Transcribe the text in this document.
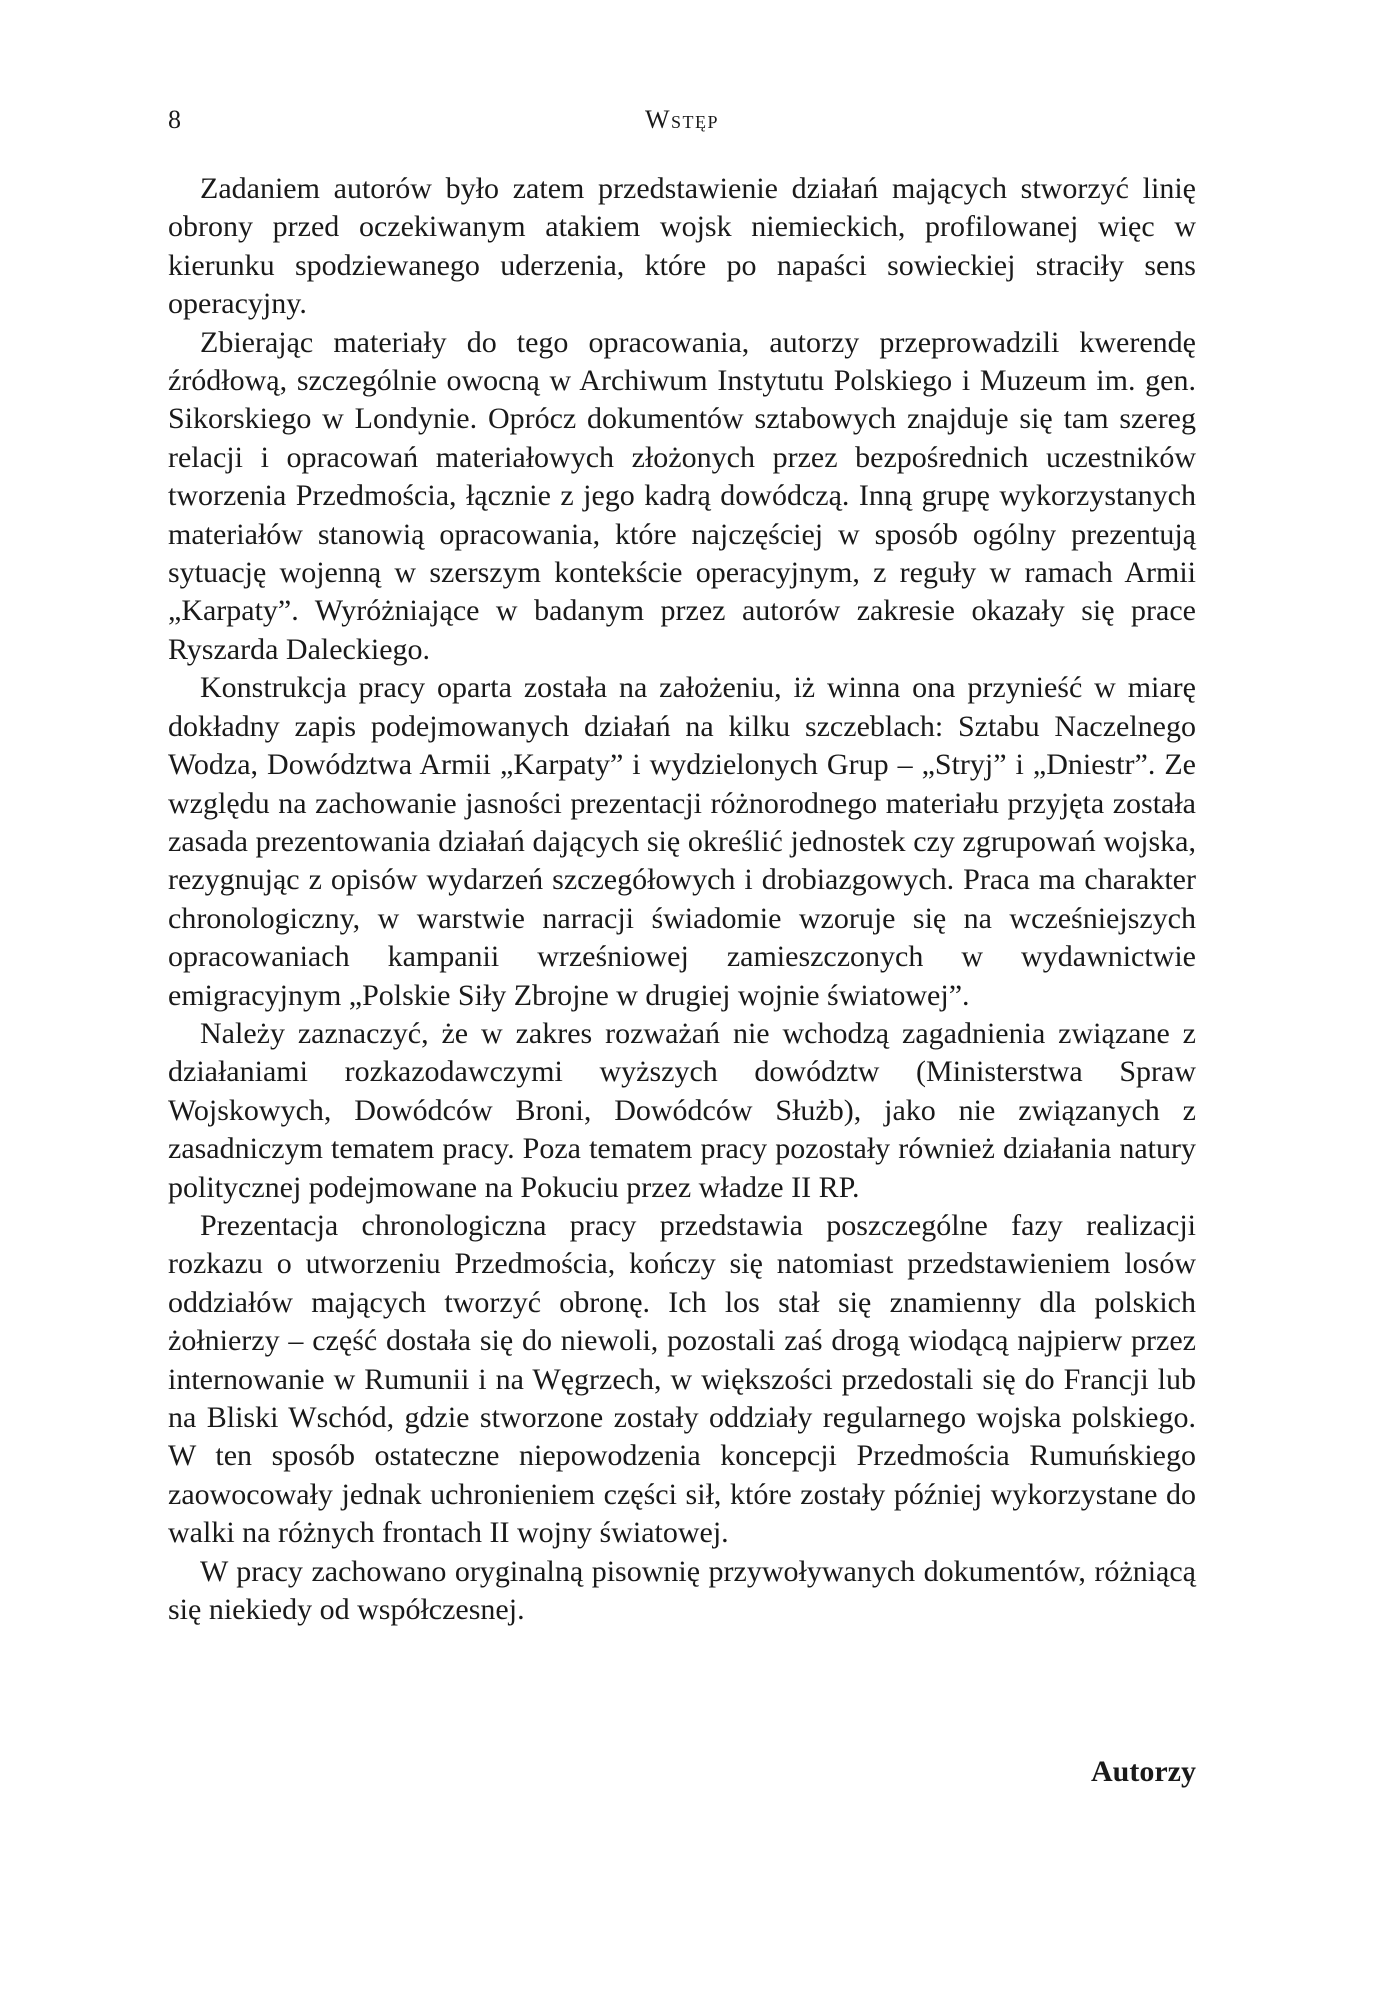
8	Wstęp

Zadaniem autorów było zatem przedstawienie działań mających stworzyć linię obrony przed oczekiwanym atakiem wojsk niemieckich, profilowanej więc w kierunku spodziewanego uderzenia, które po napaści sowieckiej straciły sens operacyjny.

Zbierając materiały do tego opracowania, autorzy przeprowadzili kwerendę źródłową, szczególnie owocną w Archiwum Instytutu Polskiego i Muzeum im. gen. Sikorskiego w Londynie. Oprócz dokumentów sztabowych znajduje się tam szereg relacji i opracowań materiałowych złożonych przez bezpośrednich uczestników tworzenia Przedmościa, łącznie z jego kadrą dowódczą. Inną grupę wykorzystanych materiałów stanowią opracowania, które najczęściej w sposób ogólny prezentują sytuację wojenną w szerszym kontekście operacyjnym, z reguły w ramach Armii „Karpaty”. Wyróżniające w badanym przez autorów zakresie okazały się prace Ryszarda Daleckiego.

Konstrukcja pracy oparta została na założeniu, iż winna ona przynieść w miarę dokładny zapis podejmowanych działań na kilku szczeblach: Sztabu Naczelnego Wodza, Dowództwa Armii „Karpaty” i wydzielonych Grup – „Stryj” i „Dniestr”. Ze względu na zachowanie jasności prezentacji różnorodnego materiału przyjęta została zasada prezentowania działań dających się określić jednostek czy zgrupowań wojska, rezygnując z opisów wydarzeń szczegółowych i drobiazgowych. Praca ma charakter chronologiczny, w warstwie narracji świadomie wzoruje się na wcześniejszych opracowaniach kampanii wrześniowej zamieszczonych w wydawnictwie emigracyjnym „Polskie Siły Zbrojne w drugiej wojnie światowej”.

Należy zaznaczyć, że w zakres rozważań nie wchodzą zagadnienia związane z działaniami rozkazodawczymi wyższych dowództw (Ministerstwa Spraw Wojskowych, Dowódców Broni, Dowódców Służb), jako nie związanych z zasadniczym tematem pracy. Poza tematem pracy pozostały również działania natury politycznej podejmowane na Pokuciu przez władze II RP.

Prezentacja chronologiczna pracy przedstawia poszczególne fazy realizacji rozkazu o utworzeniu Przedmościa, kończy się natomiast przedstawieniem losów oddziałów mających tworzyć obronę. Ich los stał się znamienny dla polskich żołnierzy – część dostała się do niewoli, pozostali zaś drogą wiodącą najpierw przez internowanie w Rumunii i na Węgrzech, w większości przedostali się do Francji lub na Bliski Wschód, gdzie stworzone zostały oddziały regularnego wojska polskiego. W ten sposób ostateczne niepowodzenia koncepcji Przedmościa Rumuńskiego zaowocowały jednak uchronieniem części sił, które zostały później wykorzystane do walki na różnych frontach II wojny światowej.

W pracy zachowano oryginalną pisownię przywoływanych dokumentów, różniącą się niekiedy od współczesnej.

Autorzy
